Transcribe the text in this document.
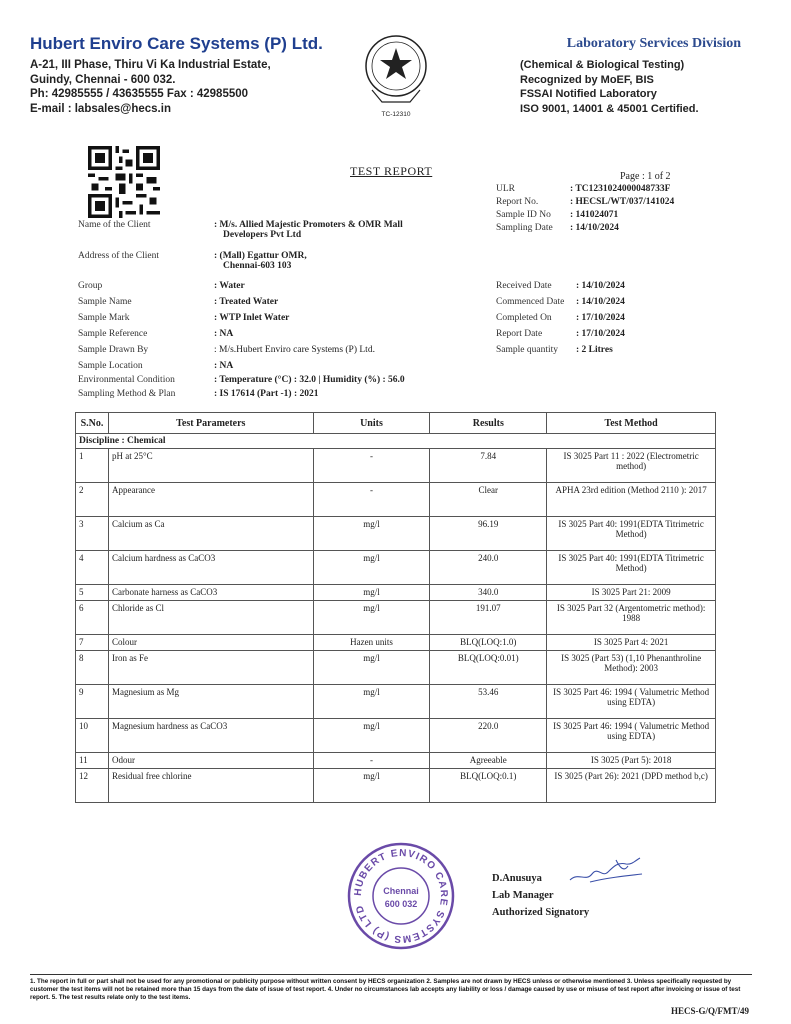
Hubert Enviro Care Systems (P) Ltd.
A-21, III Phase, Thiru Vi Ka Industrial Estate,
Guindy, Chennai - 600 032.
Ph: 42985555 / 43635555 Fax : 42985500
E-mail : labsales@hecs.in	TC-12310
Laboratory Services Division
(Chemical & Biological Testing)
Recognized by MoEF, BIS
FSSAI Notified Laboratory
ISO 9001, 14001 & 45001 Certified.
TEST REPORT	Page : 1 of 2
ULR	: TC1231024000048733F
Report No.	: HECSL/WT/037/141024
Sample ID No	: 141024071
Sampling Date	: 14/10/2024
Name of the Client	: M/s. Allied Majestic Promoters & OMR Mall
Developers Pvt Ltd
Address of the Client	: (Mall) Egattur OMR,
Chennai-603 103
Group	: Water
Sample Name	: Treated Water
Sample Mark	: WTP Inlet Water
Sample Reference	: NA
Sample Drawn By	: M/s.Hubert Enviro care Systems (P) Ltd.
Sample Location	: NA
Environmental Condition	: Temperature (°C) : 32.0 | Humidity (%) : 56.0
Sampling Method & Plan	: IS 17614 (Part -1) : 2021
Received Date	: 14/10/2024
Commenced Date	: 14/10/2024
Completed On	: 17/10/2024
Report Date	: 17/10/2024
Sample quantity	: 2 Litres
S.No.	Test Parameters	Units	Results	Test Method
Discipline : Chemical				
1	pH at 25°C	-	7.84	IS 3025 Part 11 : 2022 (Electrometric method)
2	Appearance	-	Clear	APHA 23rd edition (Method 2110 ): 2017
3	Calcium as Ca	mg/l	96.19	IS 3025 Part 40: 1991(EDTA Titrimetric Method)
4	Calcium hardness as CaCO3	mg/l	240.0	IS 3025 Part 40: 1991(EDTA Titrimetric Method)
5	Carbonate harness as CaCO3	mg/l	340.0	IS 3025 Part 21: 2009
6	Chloride as Cl	mg/l	191.07	IS 3025 Part 32 (Argentometric method): 1988
7	Colour	Hazen units	BLQ(LOQ:1.0)	IS 3025 Part 4: 2021
8	Iron as Fe	mg/l	BLQ(LOQ:0.01)	IS 3025 (Part 53) (1,10 Phenanthroline Method): 2003
9	Magnesium as Mg	mg/l	53.46	IS 3025 Part 46: 1994 ( Valumetric Method using EDTA)
10	Magnesium hardness as CaCO3	mg/l	220.0	IS 3025 Part 46: 1994 ( Valumetric Method using EDTA)
11	Odour	-	Agreeable	IS 3025 (Part 5): 2018
12	Residual free chlorine	mg/l	BLQ(LOQ:0.1)	IS 3025 (Part 26): 2021 (DPD method b,c)
HUBERT ENVIRO CARE SYSTEMS (P) LTD
Chennai
600 032
D.Anusuya
Lab Manager
Authorized Signatory
1. The report in full or part shall not be used for any promotional or publicity purpose without written consent by HECS organization 2. Samples are not drawn by HECS unless or otherwise mentioned 3. Unless specifically requested by customer the test items will not be retained more than 15 days from the date of issue of test report. 4. Under no circumstances lab accepts any liability or loss / damage caused by use or misuse of test report after invoicing or issue of test report. 5. The test results relate only to the test items.
HECS-G/Q/FMT/49
